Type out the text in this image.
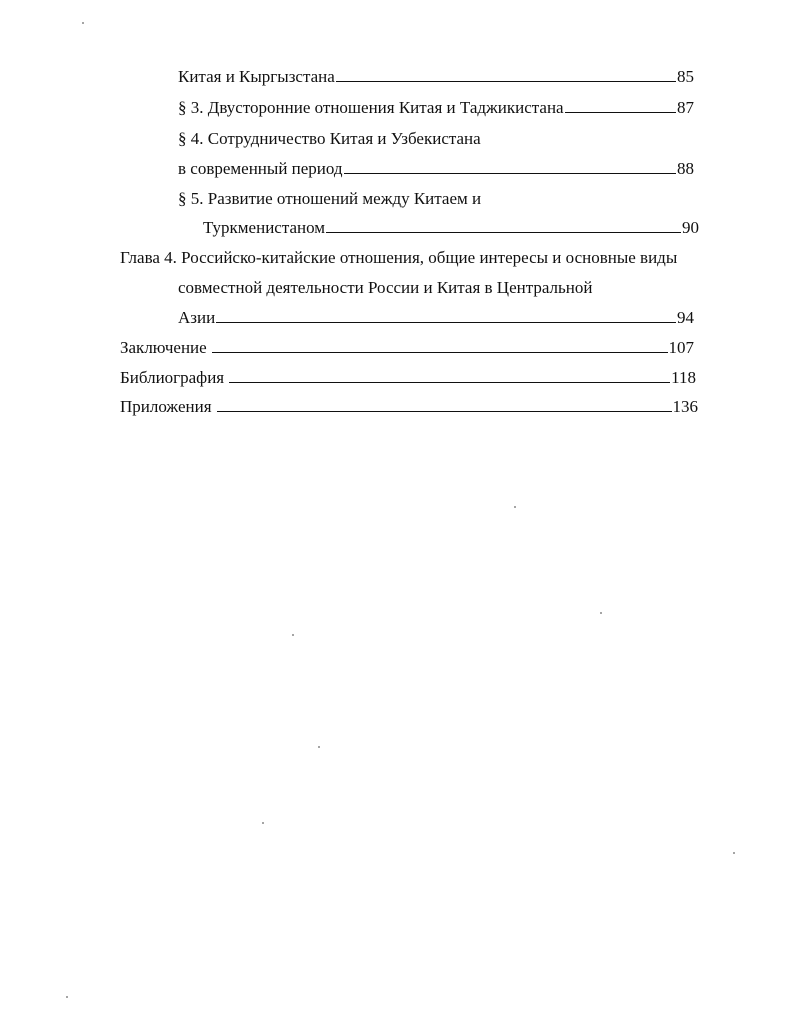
Китая и Кыргызстана	85
§ 3. Двусторонние отношения Китая и Таджикистана	87
§ 4. Сотрудничество Китая и Узбекистана
в современный период	88
§ 5. Развитие отношений между Китаем и
Туркменистаном	90
Глава 4. Российско-китайские отношения, общие интересы и основные виды
совместной деятельности России и Китая в Центральной
Азии	94
Заключение	107
Библиография	118
Приложения	136
